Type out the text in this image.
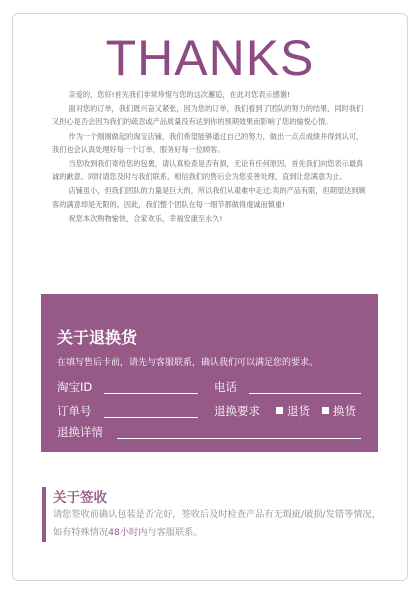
THANKS

亲爱的，您好!首先我们非常珍惜与您的这次邂逅，在此对您表示感谢!

面对您的订单，我们既兴奋又紧张，因为您的订单，我们看到了团队的努力的结果，同时我们又担心是否会因为我们的疏忽或产品质量没有达到你的预期效果而影响了您的愉悦心情。

作为一个刚刚做起的淘宝店铺，我们希望能够通过自己的努力，做出一点点成绩并得到认可，我们也会认真处理好每一个订单，服务好每一位顾客。

当您收到我们寄给您的包裹，请认真检查是否有损，无论有任何原因，首先我们向您表示最真诚的歉意。同时请您及时与我们联系，相信我们的售后会为您妥善处理，直到让您满意为止。

店铺虽小，但我们团队的力量是巨大的，所以我们从艰难中走过;卖的产品有限，但期望达到顾客的满意却是无限的。因此，我们整个团队在每一细节都做得虔诚而慎重!

祝您本次购物愉快，合家欢乐，幸福安康至永久!

关于退换货
在填写售后卡前，请先与客服联系，确认我们可以满足您的要求。
淘宝ID	电话
订单号	退换要求	退货	换货
退换详情
关于签收
请您签收前确认包装是否完好，签收后及时检查产品有无瑕疵/破损/发错等情况，如有特殊情况48小时内与客服联系。
